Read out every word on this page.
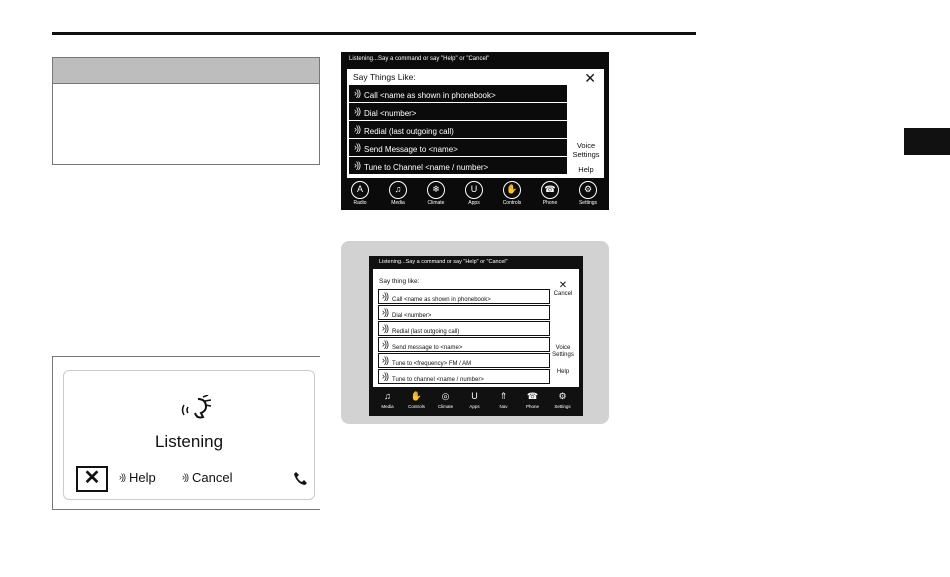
Listening
✕	›)) Help	›)) Cancel
Listening...Say a command or say "Help" or "Cancel"
Say Things Like:	✕
›)) Call <name as shown in phonebook>
›)) Dial <number>
›)) Redial (last outgoing call)
›)) Send Message to <name>
›)) Tune to Channel <name / number>
Voice Settings
Help
A
Radio
♫
Media
❄
Climate
U
Apps
✋
Controls
☎
Phone
⚙
Settings
Listening...Say a command or say "Help" or "Cancel"
Say thing like:
›)) Call <name as shown in phonebook>
›)) Dial <number>
›)) Redial (last outgoing call)
›)) Send message to <name>
›)) Tune to <frequency> FM / AM
›)) Tune to channel <name / number>
✕
Cancel
Voice Settings
Help
♫
Media
✋
Controls
◎
Climate
U
Apps
⇑
Nav
☎
Phone
⚙
Settings
